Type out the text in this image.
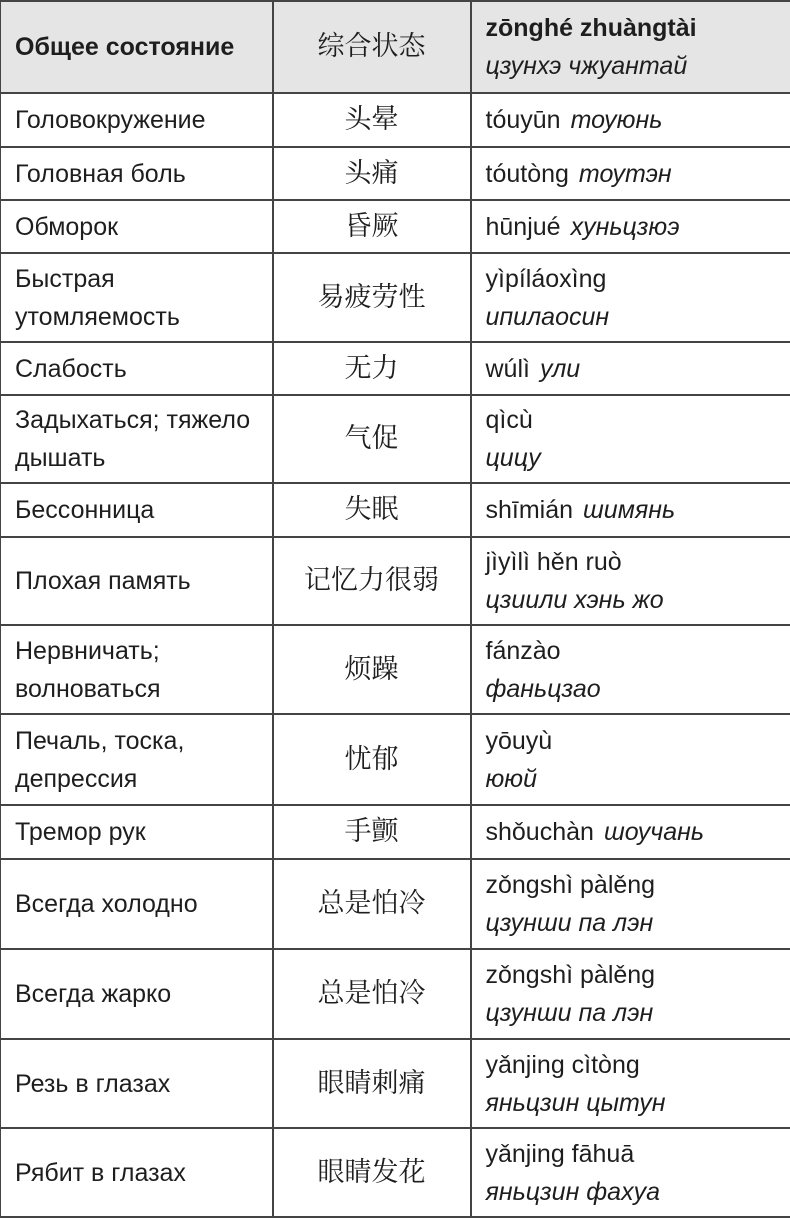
Общее состояние	综合状态	zōnghé zhuàngtài
цзунхэ чжуантай

Головокружение	头晕	tóuyūn тоуюнь
Головная боль	头痛	tóutòng тоутэн
Обморок	昏厥	hūnjué хуньцзюэ
Быстрая утомляемость	易疲劳性	yìpíláoxìng
ипилаосин

Слабость	无力	wúlì ули
Задыхаться; тяжело дышать	气促	qìcù
цицу

Бессонница	失眠	shīmián шимянь
Плохая память	记忆力很弱	jìyìlì hěn ruò
цзиили хэнь жо

Нервничать; волноваться	烦躁	fánzào
фаньцзао

Печаль, тоска, депрессия	忧郁	yōuyù
ююй

Тремор рук	手颤	shǒuchàn шоучань
Всегда холодно	总是怕冷	zǒngshì pàlěng
цзунши па лэн

Всегда жарко	总是怕冷	zǒngshì pàlěng
цзунши па лэн

Резь в глазах	眼睛刺痛	yǎnjing cìtòng
яньцзин цытун

Рябит в глазах	眼睛发花	yǎnjing fāhuā
яньцзин фахуа
